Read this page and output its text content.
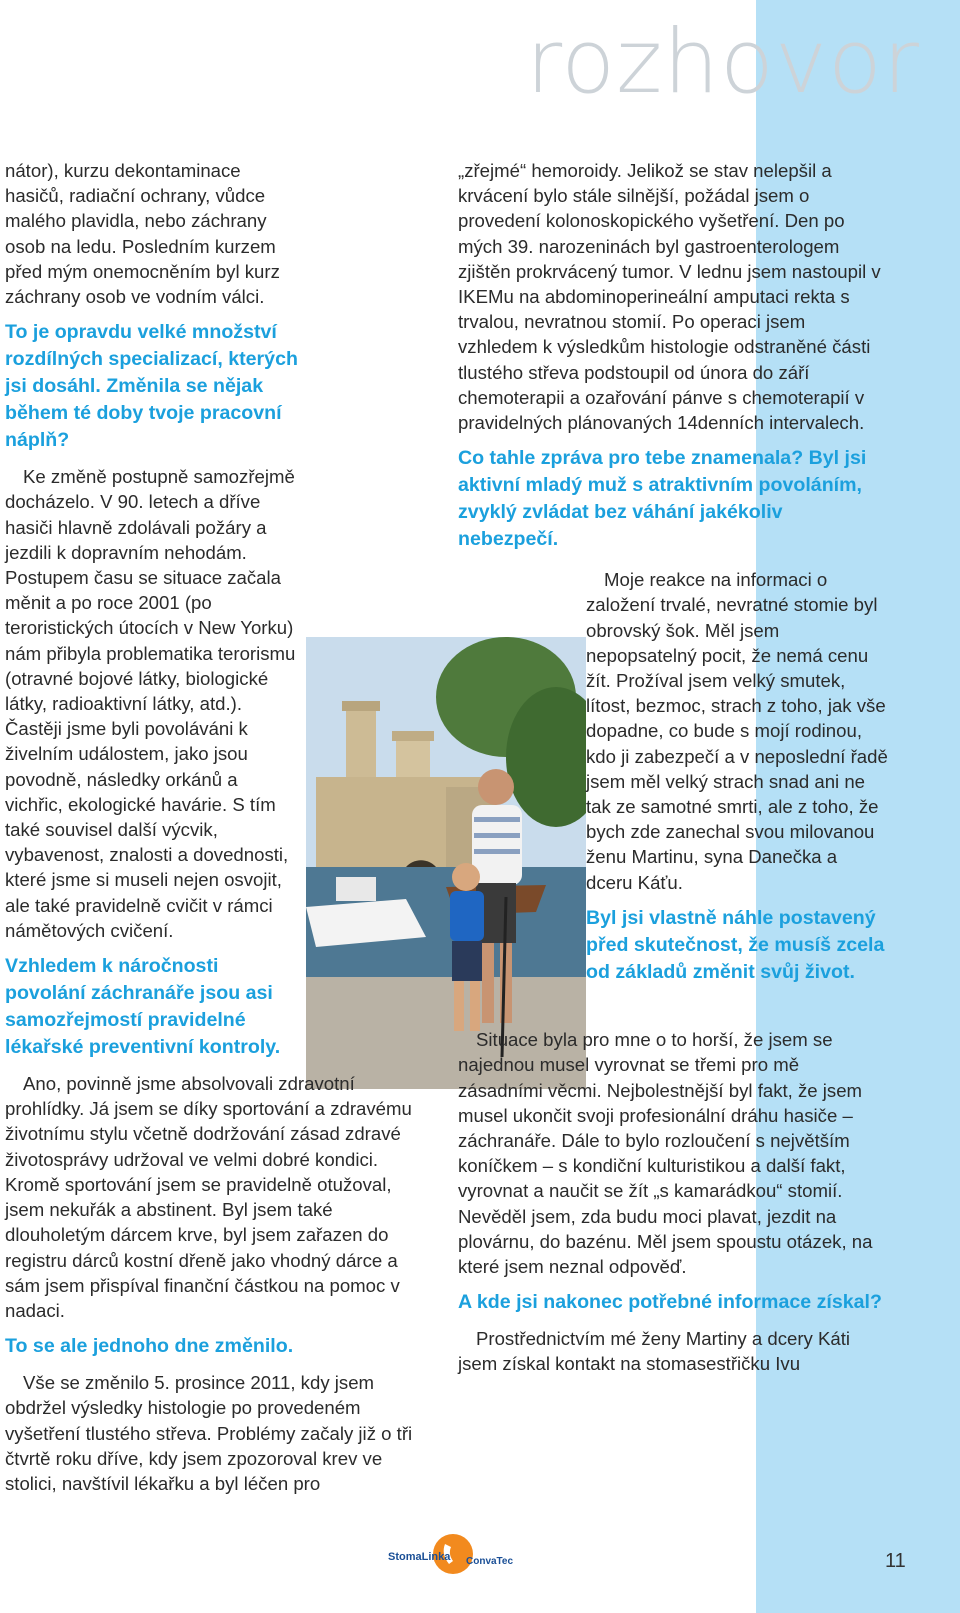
rozhovor

nátor), kurzu dekontaminace hasičů, radiační ochrany, vůdce malého plavidla, nebo záchrany osob na ledu. Posledním kurzem před mým onemocněním byl kurz záchrany osob ve vodním válci.

To je opravdu velké množství rozdílných specializací, kterých jsi dosáhl. Změnila se nějak během té doby tvoje pracovní náplň?

Ke změně postupně samozřejmě docházelo. V 90. letech a dříve hasiči hlavně zdolávali požáry a jezdili k dopravním nehodám. Postupem času se situace začala měnit a po roce 2001 (po teroristických útocích v New Yorku) nám přibyla problematika terorismu (otravné bojové látky, biologické látky, radioaktivní látky, atd.).

Častěji jsme byli povoláváni k živelním událostem, jako jsou povodně, následky orkánů a vichřic, ekologické havárie. S tím také souvisel další výcvik, vybavenost, znalosti a dovednosti, které jsme si museli nejen osvojit, ale také pravidelně cvičit v rámci námětových cvičení.

Vzhledem k náročnosti povolání záchranáře jsou asi samozřejmostí pravidelné lékařské preventivní kontroly.

Ano, povinně jsme absolvovali zdravotní prohlídky. Já jsem se díky sportování a zdravému životnímu stylu včetně dodržování zásad zdravé životosprávy udržoval ve velmi dobré kondici. Kromě sportování jsem se pravidelně otužoval, jsem nekuřák a abstinent. Byl jsem také dlouholetým dárcem krve, byl jsem zařazen do registru dárců kostní dřeně jako vhodný dárce a sám jsem přispíval finanční částkou na pomoc v nadaci.

To se ale jednoho dne změnilo.

Vše se změnilo 5. prosince 2011, kdy jsem obdržel výsledky histologie po provedeném vyšetření tlustého střeva. Problémy začaly již o tři čtvrtě roku dříve, kdy jsem zpozoroval krev ve stolici, navštívil lékařku a byl léčen pro

„zřejmé“ hemoroidy. Jelikož se stav nelepšil a krvácení bylo stále silnější, požádal jsem o provedení kolonoskopického vyšetření. Den po mých 39. narozeninách byl gastroenterologem zjištěn prokrvácený tumor. V lednu jsem nastoupil v IKEMu na abdominoperineální amputaci rekta s trvalou, nevratnou stomií. Po operaci jsem vzhledem k výsledkům histologie odstraněné části tlustého střeva podstoupil od února do září chemoterapii a ozařování pánve s chemoterapií v pravidelných plánovaných 14denních intervalech.

Co tahle zpráva pro tebe znamenala? Byl jsi aktivní mladý muž s atraktivním povoláním, zvyklý zvládat bez váhání jakékoliv nebezpečí.

Moje reakce na informaci o založení trvalé, nevratné stomie byl obrovský šok. Měl jsem nepopsatelný pocit, že nemá cenu žít. Prožíval jsem velký smutek, lítost, bezmoc, strach z toho, jak vše dopadne, co bude s mojí rodinou, kdo ji zabezpečí a v neposlední řadě jsem měl velký strach snad ani ne tak ze samotné smrti, ale z toho, že bych zde zanechal svou milovanou ženu Martinu, syna Danečka a dceru Káťu.

Byl jsi vlastně náhle postavený před skutečnost, že musíš zcela od základů změnit svůj život.

Situace byla pro mne o to horší, že jsem se najednou musel vyrovnat se třemi pro mě zásadními věcmi. Nejbolestnější byl fakt, že jsem musel ukončit svoji profesionální dráhu hasiče – záchranáře. Dále to bylo rozloučení s největším koníčkem – s kondiční kulturistikou a další fakt, vyrovnat a naučit se žít „s kamarádkou“ stomií. Nevěděl jsem, zda budu moci plavat, jezdit na plovárnu, do bazénu. Měl jsem spoustu otázek, na které jsem neznal odpověď.

A kde jsi nakonec potřebné informace získal?

Prostřednictvím mé ženy Martiny a dcery Káti jsem získal kontakt na stomasestřičku Ivu

StomaLinka ConvaTec	11
